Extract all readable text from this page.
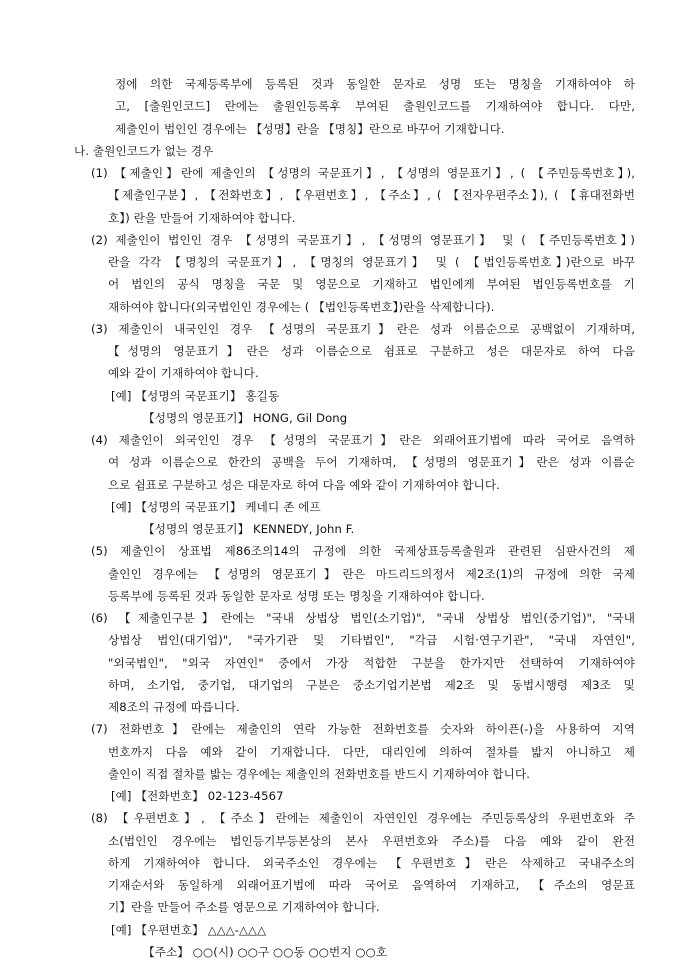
정에 의한 국제등록부에 등록된 것과 동일한 문자로 성명 또는 명칭을 기재하여야 하
고, [출원인코드] 란에는 출원인등록후 부여된 출원인코드를 기재하여야 합니다. 다만,
제출인이 법인인 경우에는 【성명】란을 【명칭】란으로 바꾸어 기재합니다.
나. 출원인코드가 없는 경우
(1) 【제출인】란에 제출인의 【성명의 국문표기】, 【성명의 영문표기】, ( 【주민등록번호】),
【제출인구분】, 【전화번호】, 【우편번호】, 【주소】, ( 【전자우편주소】), ( 【휴대전화번
호】) 란을 만들어 기재하여야 합니다.
(2) 제출인이 법인인 경우 【성명의 국문표기】, 【성명의 영문표기】 및 ( 【주민등록번호】)
란을 각각 【명칭의 국문표기】, 【명칭의 영문표기】 및 ( 【법인등록번호】)란으로 바꾸
어 법인의 공식 명칭을 국문 및 영문으로 기재하고 법인에게 부여된 법인등록번호를 기
재하여야 합니다(외국법인인 경우에는 ( 【법인등록번호】)란을 삭제합니다).
(3) 제출인이 내국인인 경우 【성명의 국문표기】란은 성과 이름순으로 공백없이 기재하며,
【성명의 영문표기】란은 성과 이름순으로 쉼표로 구분하고 성은 대문자로 하여 다음
예와 같이 기재하여야 합니다.
[예] 【성명의 국문표기】 홍길동
【성명의 영문표기】 HONG, Gil Dong
(4) 제출인이 외국인인 경우 【성명의 국문표기】란은 외래어표기법에 따라 국어로 음역하
여 성과 이름순으로 한칸의 공백을 두어 기재하며, 【성명의 영문표기】란은 성과 이름순
으로 쉼표로 구분하고 성은 대문자로 하여 다음 예와 같이 기재하여야 합니다.
[예] 【성명의 국문표기】 케네디 존 에프
【성명의 영문표기】 KENNEDY, John F.
(5) 제출인이 상표법 제86조의14의 규정에 의한 국제상표등록출원과 관련된 심판사건의 제
출인인 경우에는 【성명의 영문표기】란은 마드리드의정서 제2조(1)의 규정에 의한 국제
등록부에 등록된 것과 동일한 문자로 성명 또는 명칭을 기재하여야 합니다.
(6) 【제출인구분】란에는 "국내 상법상 법인(소기업)", "국내 상법상 법인(중기업)", "국내
상법상 법인(대기업)", "국가기관 및 기타법인", "각급 시험·연구기관", "국내 자연인",
"외국법인", "외국 자연인" 중에서 가장 적합한 구분을 한가지만 선택하여 기재하여야
하며, 소기업, 중기업, 대기업의 구분은 중소기업기본법 제2조 및 동법시행령 제3조 및
제8조의 규정에 따릅니다.
(7) 전화번호】란에는 제출인의 연락 가능한 전화번호를 숫자와 하이픈(-)을 사용하여 지역
번호까지 다음 예와 같이 기재합니다. 다만, 대리인에 의하여 절차를 밟지 아니하고 제
출인이 직접 절차를 밟는 경우에는 제출인의 전화번호를 반드시 기재하여야 합니다.
[예] 【전화번호】 02-123-4567
(8) 【우편번호】, 【주소】란에는 제출인이 자연인인 경우에는 주민등록상의 우편번호와 주
소(법인인 경우에는 법인등기부등본상의 본사 우편번호와 주소)를 다음 예와 같이 완전
하게 기재하여야 합니다. 외국주소인 경우에는 【우편번호】란은 삭제하고 국내주소의
기재순서와 동일하게 외래어표기법에 따라 국어로 음역하여 기재하고, 【주소의 영문표
기】란을 만들어 주소를 영문으로 기재하여야 합니다.
[예] 【우편번호】 △△△-△△△
【주소】 ○○(시) ○○구 ○○동 ○○번지 ○○호
